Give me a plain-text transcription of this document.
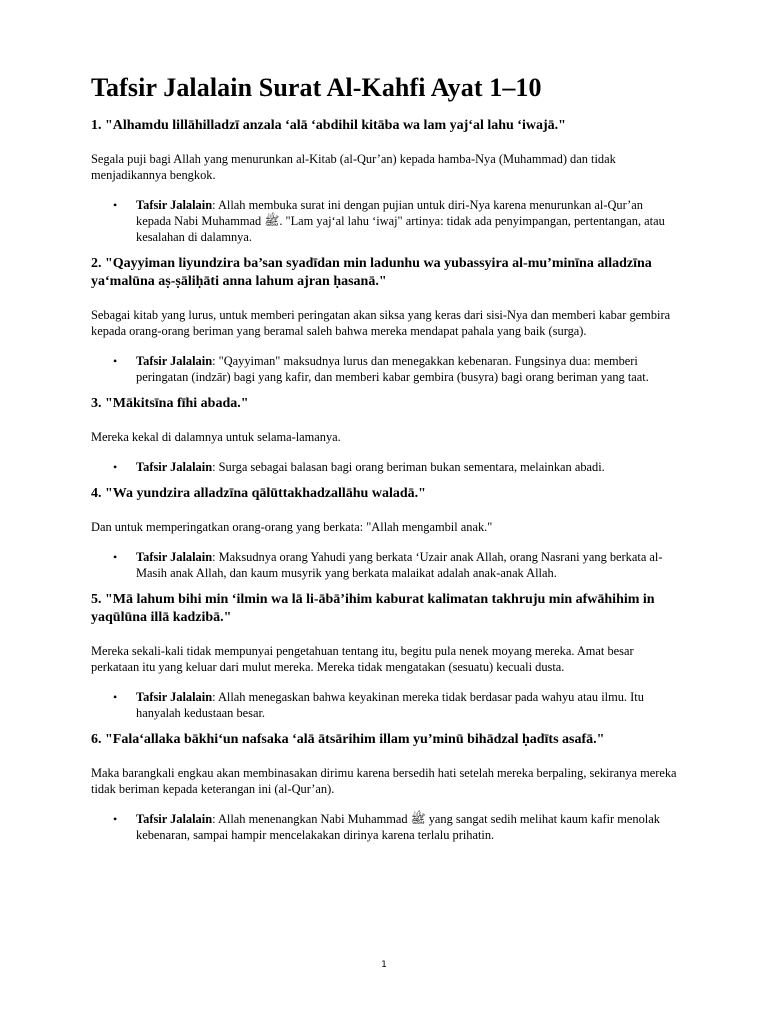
Tafsir Jalalain Surat Al-Kahfi Ayat 1–10
1. "Alhamdu lillāhilladzī anzala ‘alā ‘abdihil kitāba wa lam yaj‘al lahu ‘iwajā."

Segala puji bagi Allah yang menurunkan al-Kitab (al-Qur’an) kepada hamba-Nya (Muhammad) dan tidak menjadikannya bengkok.

• Tafsir Jalalain: Allah membuka surat ini dengan pujian untuk diri-Nya karena menurunkan al-Qur’an kepada Nabi Muhammad ﷺ. "Lam yaj‘al lahu ‘iwaj" artinya: tidak ada penyimpangan, pertentangan, atau kesalahan di dalamnya.
2. "Qayyiman liyundzira ba’san syadīdan min ladunhu wa yubassyira al-mu’minīna alladzīna ya‘malūna aṣ-ṣāliḥāti anna lahum ajran ḥasanā."

Sebagai kitab yang lurus, untuk memberi peringatan akan siksa yang keras dari sisi-Nya dan memberi kabar gembira kepada orang-orang beriman yang beramal saleh bahwa mereka mendapat pahala yang baik (surga).

• Tafsir Jalalain: "Qayyiman" maksudnya lurus dan menegakkan kebenaran. Fungsinya dua: memberi peringatan (indzār) bagi yang kafir, dan memberi kabar gembira (busyra) bagi orang beriman yang taat.
3. "Mākitsīna fīhi abada."

Mereka kekal di dalamnya untuk selama-lamanya.

• Tafsir Jalalain: Surga sebagai balasan bagi orang beriman bukan sementara, melainkan abadi.
4. "Wa yundzira alladzīna qālūttakhadzallāhu waladā."

Dan untuk memperingatkan orang-orang yang berkata: "Allah mengambil anak."

• Tafsir Jalalain: Maksudnya orang Yahudi yang berkata ‘Uzair anak Allah, orang Nasrani yang berkata al-Masih anak Allah, dan kaum musyrik yang berkata malaikat adalah anak-anak Allah.
5. "Mā lahum bihi min ‘ilmin wa lā li-ābā’ihim kaburat kalimatan takhruju min afwāhihim in yaqūlūna illā kadzibā."

Mereka sekali-kali tidak mempunyai pengetahuan tentang itu, begitu pula nenek moyang mereka. Amat besar perkataan itu yang keluar dari mulut mereka. Mereka tidak mengatakan (sesuatu) kecuali dusta.

• Tafsir Jalalain: Allah menegaskan bahwa keyakinan mereka tidak berdasar pada wahyu atau ilmu. Itu hanyalah kedustaan besar.
6. "Fala‘allaka bākhi‘un nafsaka ‘alā ātsārihim illam yu’minū bihādzal ḥadīts asafā."

Maka barangkali engkau akan membinasakan dirimu karena bersedih hati setelah mereka berpaling, sekiranya mereka tidak beriman kepada keterangan ini (al-Qur’an).

• Tafsir Jalalain: Allah menenangkan Nabi Muhammad ﷺ yang sangat sedih melihat kaum kafir menolak kebenaran, sampai hampir mencelakakan dirinya karena terlalu prihatin.
1
